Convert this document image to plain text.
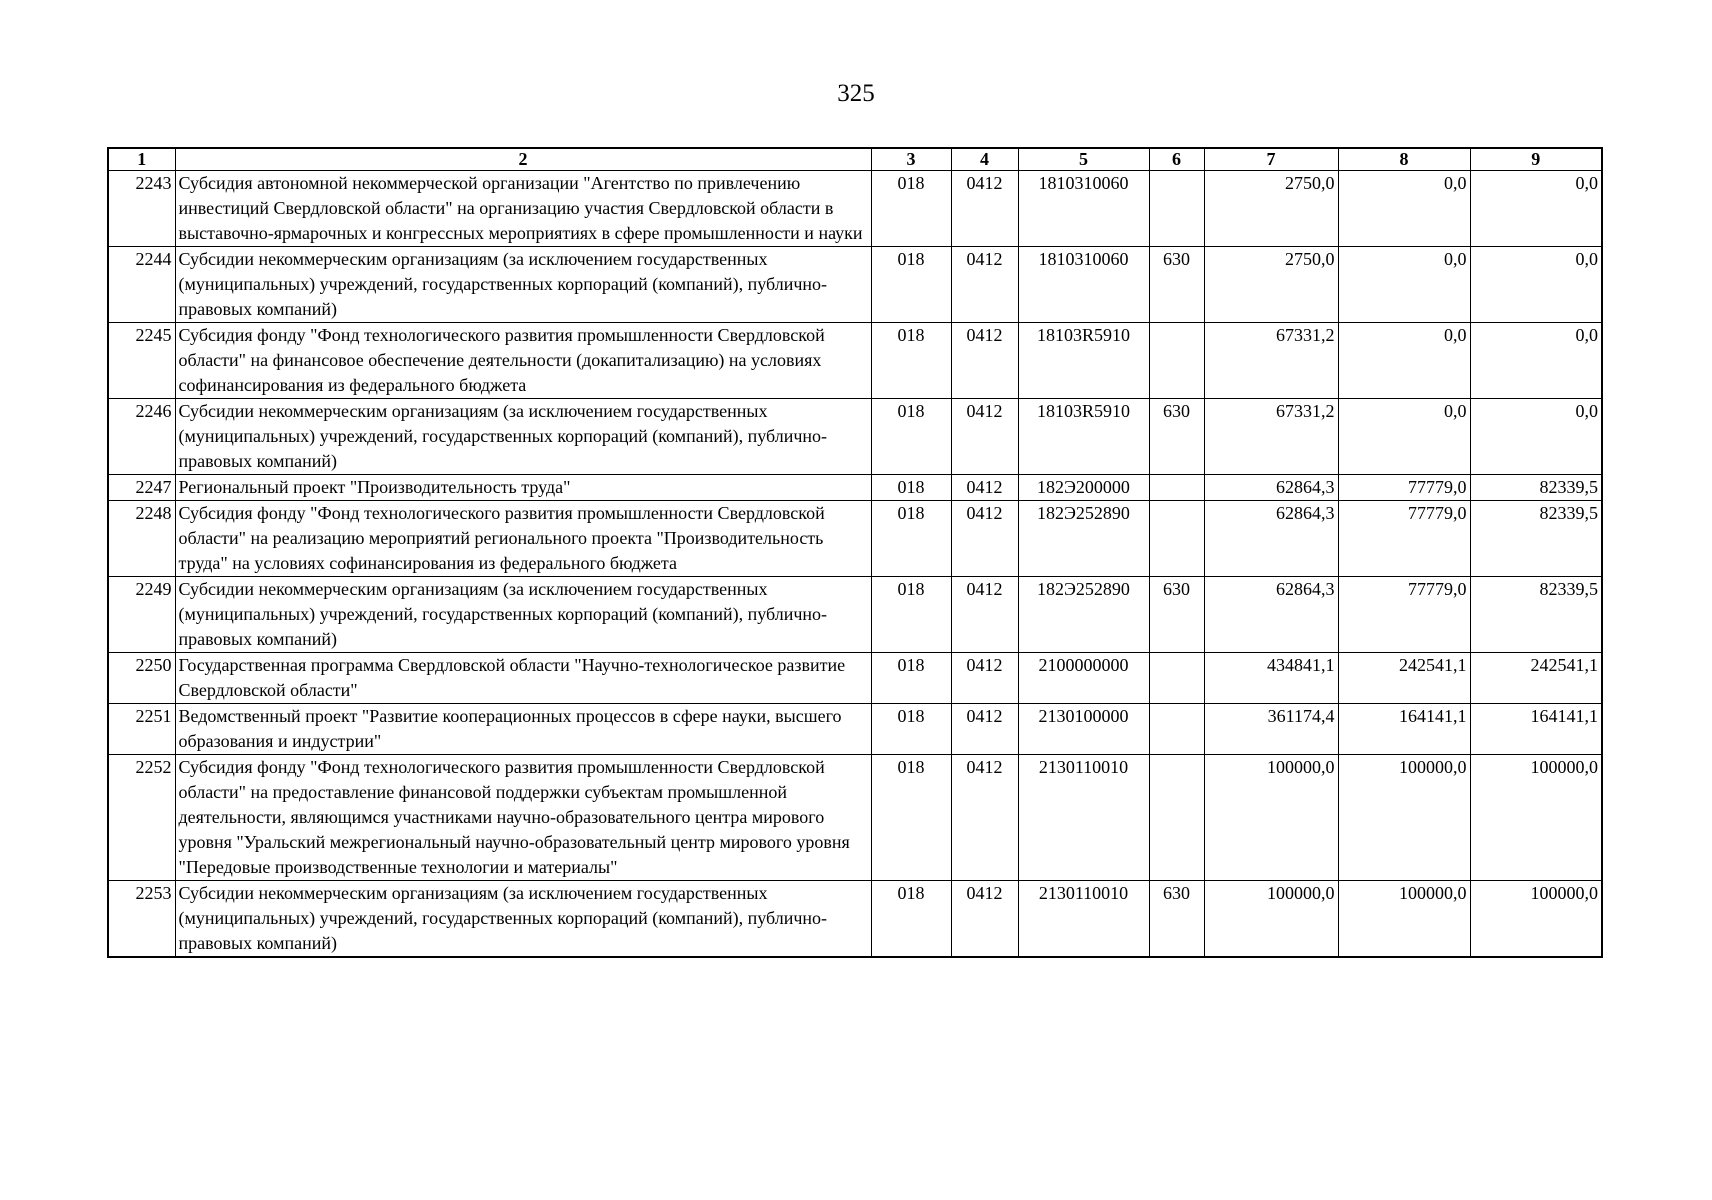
325
1	2	3	4	5	6	7	8	9
2243	Субсидия автономной некоммерческой организации "Агентство по привлечению инвестиций Свердловской области" на организацию участия Свердловской области в выставочно-ярмарочных и конгрессных мероприятиях в сфере промышленности и науки	018	0412	1810310060		2750,0	0,0	0,0
2244	Субсидии некоммерческим организациям (за исключением государственных (муниципальных) учреждений, государственных корпораций (компаний), публично-правовых компаний)	018	0412	1810310060	630	2750,0	0,0	0,0
2245	Субсидия фонду "Фонд технологического развития промышленности Свердловской области" на финансовое обеспечение деятельности (докапитализацию) на условиях софинансирования из федерального бюджета	018	0412	18103R5910		67331,2	0,0	0,0
2246	Субсидии некоммерческим организациям (за исключением государственных (муниципальных) учреждений, государственных корпораций (компаний), публично-правовых компаний)	018	0412	18103R5910	630	67331,2	0,0	0,0
2247	Региональный проект "Производительность труда"	018	0412	182Э200000		62864,3	77779,0	82339,5
2248	Субсидия фонду "Фонд технологического развития промышленности Свердловской области" на реализацию мероприятий регионального проекта "Производительность труда" на условиях софинансирования из федерального бюджета	018	0412	182Э252890		62864,3	77779,0	82339,5
2249	Субсидии некоммерческим организациям (за исключением государственных (муниципальных) учреждений, государственных корпораций (компаний), публично-правовых компаний)	018	0412	182Э252890	630	62864,3	77779,0	82339,5
2250	Государственная программа Свердловской области "Научно-технологическое развитие Свердловской области"	018	0412	2100000000		434841,1	242541,1	242541,1
2251	Ведомственный проект "Развитие кооперационных процессов в сфере науки, высшего образования и индустрии"	018	0412	2130100000		361174,4	164141,1	164141,1
2252	Субсидия фонду "Фонд технологического развития промышленности Свердловской области" на предоставление финансовой поддержки субъектам промышленной деятельности, являющимся участниками научно-образовательного центра мирового уровня "Уральский межрегиональный научно-образовательный центр мирового уровня "Передовые производственные технологии и материалы"	018	0412	2130110010		100000,0	100000,0	100000,0
2253	Субсидии некоммерческим организациям (за исключением государственных (муниципальных) учреждений, государственных корпораций (компаний), публично-правовых компаний)	018	0412	2130110010	630	100000,0	100000,0	100000,0
